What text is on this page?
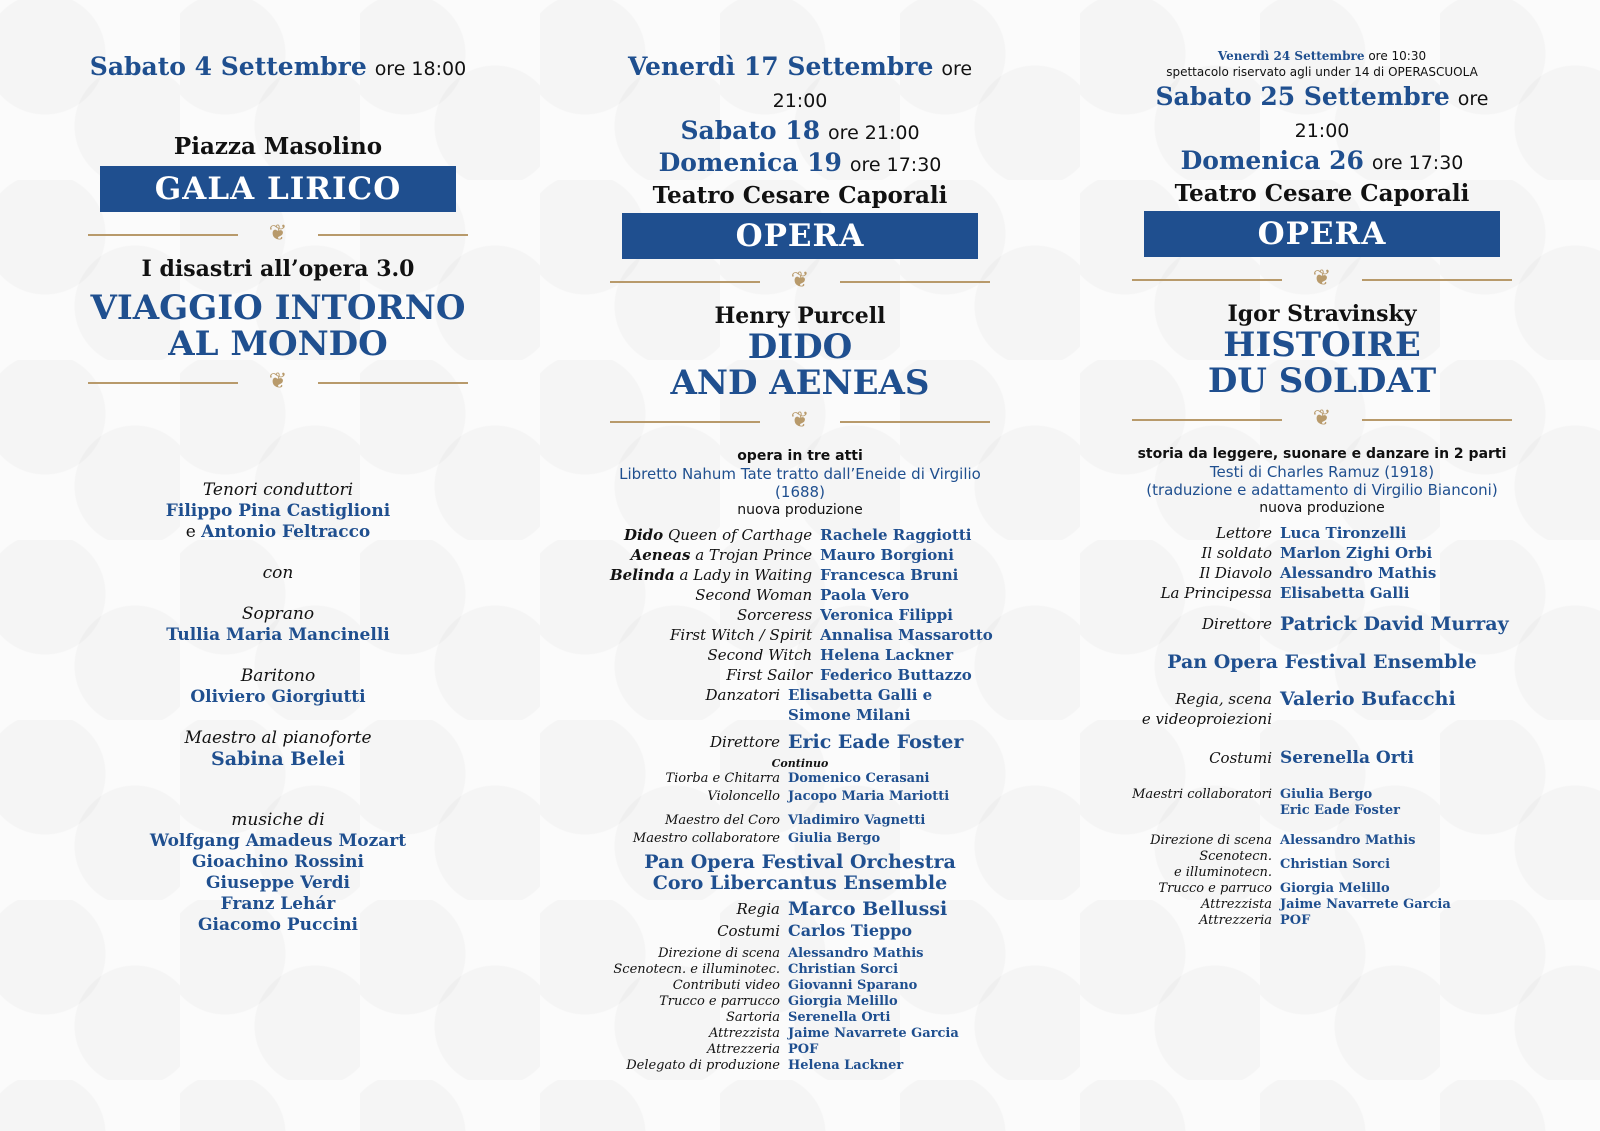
Sabato 4 Settembre ore 18:00
Piazza Masolino
GALA LIRICO
❦
I disastri all’opera 3.0
VIAGGIO INTORNO
AL MONDO
❦
Tenori conduttori
Filippo Pina Castiglioni
e Antonio Feltracco
con
Soprano
Tullia Maria Mancinelli
Baritono
Oliviero Giorgiutti
Maestro al pianoforte
Sabina Belei
musiche di
Wolfgang Amadeus Mozart
Gioachino Rossini
Giuseppe Verdi
Franz Lehár
Giacomo Puccini
Venerdì 17 Settembre ore 21:00
Sabato 18 ore 21:00
Domenica 19 ore 17:30
Teatro Cesare Caporali
OPERA
❦
Henry Purcell
DIDO
AND AENEAS
❦
opera in tre atti
Libretto Nahum Tate tratto dall’Eneide di Virgilio (1688)
nuova produzione
Dido Queen of Carthage	Rachele Raggiotti
Aeneas a Trojan Prince	Mauro Borgioni
Belinda a Lady in Waiting	Francesca Bruni
Second Woman	Paola Vero
Sorceress	Veronica Filippi
First Witch / Spirit	Annalisa Massarotto
Second Witch	Helena Lackner
First Sailor	Federico Buttazzo
Danzatori	Elisabetta Galli e
Simone Milani
Direttore	Eric Eade Foster
Continuo
Tiorba e Chitarra	Domenico Cerasani
Violoncello	Jacopo Maria Mariotti
Maestro del Coro	Vladimiro Vagnetti
Maestro collaboratore	Giulia Bergo
Pan Opera Festival Orchestra
Coro Libercantus Ensemble
Regia	Marco Bellussi
Costumi	Carlos Tieppo
Direzione di scena	Alessandro Mathis
Scenotecn. e illuminotec.	Christian Sorci
Contributi video	Giovanni Sparano
Trucco e parrucco	Giorgia Melillo
Sartoria	Serenella Orti
Attrezzista	Jaime Navarrete Garcia
Attrezzeria	POF
Delegato di produzione	Helena Lackner
Venerdì 24 Settembre ore 10:30
spettacolo riservato agli under 14 di OPERASCUOLA
Sabato 25 Settembre ore 21:00
Domenica 26 ore 17:30
Teatro Cesare Caporali
OPERA
❦
Igor Stravinsky
HISTOIRE
DU SOLDAT
❦
storia da leggere, suonare e danzare in 2 parti
Testi di Charles Ramuz (1918)
(traduzione e adattamento di Virgilio Bianconi)
nuova produzione
Lettore	Luca Tironzelli
Il soldato	Marlon Zighi Orbi
Il Diavolo	Alessandro Mathis
La Principessa	Elisabetta Galli
Direttore	Patrick David Murray
Pan Opera Festival Ensemble
Regia, scena
e videoproiezioni
	Valerio Bufacchi
Costumi	Serenella Orti
Maestri collaboratori	Giulia Bergo
Eric Eade Foster
Direzione di scena	Alessandro Mathis

Scenotecn.
e illuminotecn.	Christian Sorci
Trucco e parruco	Giorgia Melillo
Attrezzista	Jaime Navarrete Garcia
Attrezzeria	POF
